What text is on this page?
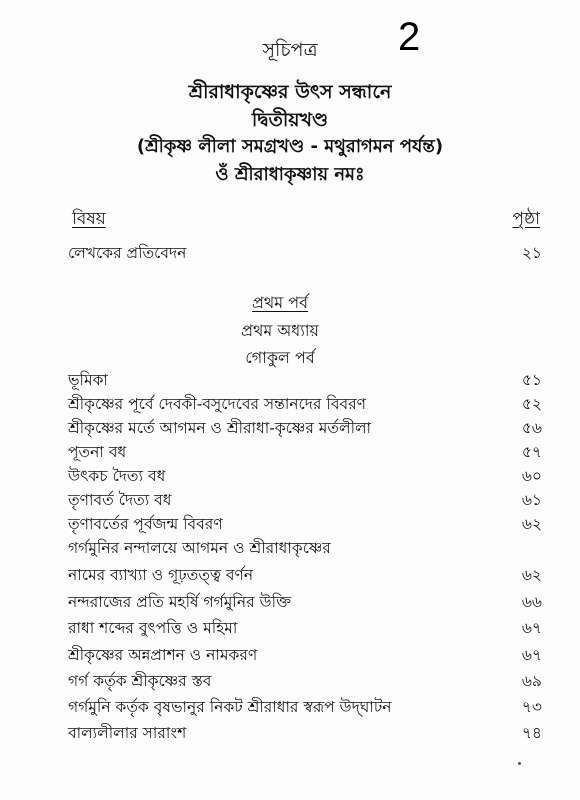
2
সূচিপত্র
শ্রীরাধাকৃষ্ণের উৎস সন্ধানে
দ্বিতীয়খণ্ড
(শ্রীকৃষ্ণ লীলা সমগ্রখণ্ড - মথুরাগমন পর্যন্ত)
ওঁ শ্রীরাধাকৃষ্ণায় নমঃ
বিষয়	পৃষ্ঠা
লেখকের প্রতিবেদন	২১
প্রথম পর্ব
প্রথম অধ্যায়
গোকুল পর্ব
ভূমিকা	৫১
শ্রীকৃষ্ণের পূর্বে দেবকী-বসুদেবের সন্তানদের বিবরণ	৫২
শ্রীকৃষ্ণের মর্তে আগমন ও শ্রীরাধা-কৃষ্ণের মর্তলীলা	৫৬
পূতনা বধ	৫৭
উৎকচ দৈত্য বধ	৬০
তৃণাবর্ত দৈত্য বধ	৬১
তৃণাবর্তের পূর্বজন্ম বিবরণ	৬২
গর্গমুনির নন্দালয়ে আগমন ও শ্রীরাধাকৃষ্ণের
নামের ব্যাখ্যা ও গূঢ়তত্ত্ব বর্ণন	৬২
নন্দরাজের প্রতি মহর্ষি গর্গমুনির উক্তি	৬৬
রাধা শব্দের বুৎপত্তি ও মহিমা	৬৭
শ্রীকৃষ্ণের অন্নপ্রাশন ও নামকরণ	৬৭
গর্গ কর্তৃক শ্রীকৃষ্ণের স্তব	৬৯
গর্গমুনি কর্তৃক বৃষভানুর নিকট শ্রীরাধার স্বরূপ উদ্‌ঘাটন	৭৩
বাল্যলীলার সারাংশ	৭৪
